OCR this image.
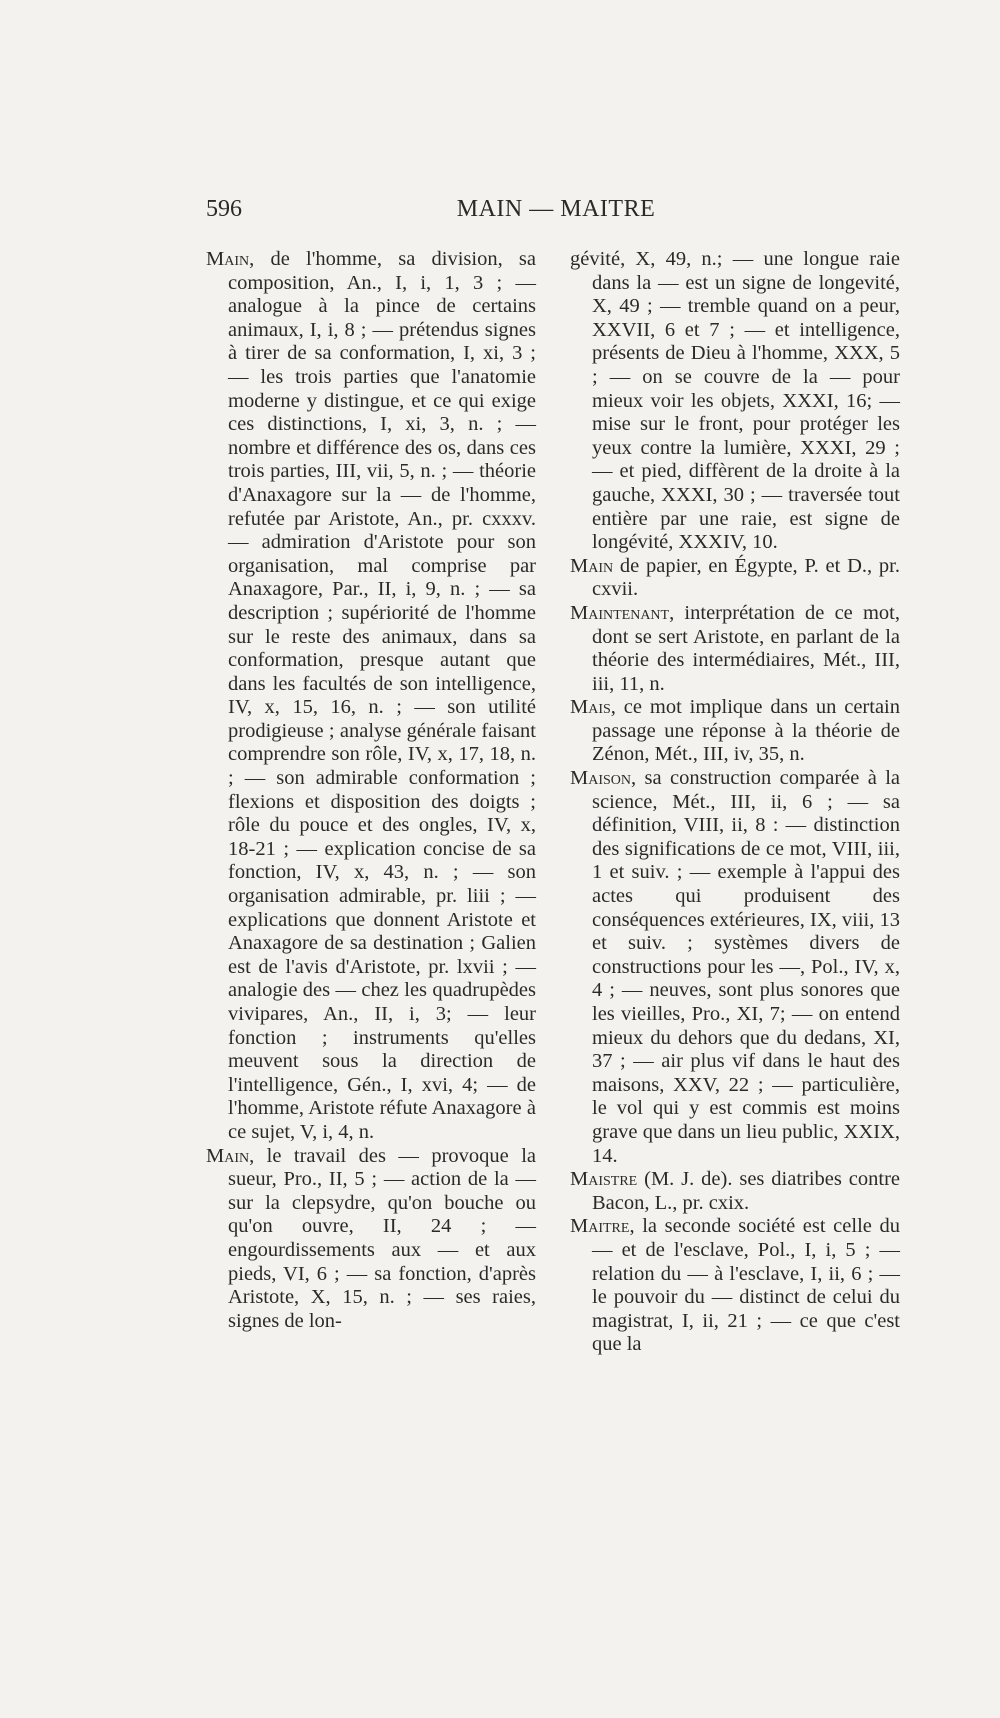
596	MAIN — MAITRE

Main, de l'homme, sa division, sa composition, An., I, i, 1, 3 ; — analogue à la pince de certains animaux, I, i, 8 ; — prétendus signes à tirer de sa conformation, I, xi, 3 ; — les trois parties que l'anatomie moderne y distingue, et ce qui exige ces distinctions, I, xi, 3, n. ; — nombre et différence des os, dans ces trois parties, III, vii, 5, n. ; — théorie d'Anaxagore sur la — de l'homme, refutée par Aristote, An., pr. cxxxv. — admiration d'Aristote pour son organisation, mal comprise par Anaxagore, Par., II, i, 9, n. ; — sa description ; supériorité de l'homme sur le reste des animaux, dans sa conformation, presque autant que dans les facultés de son intelligence, IV, x, 15, 16, n. ; — son utilité prodigieuse ; analyse générale faisant comprendre son rôle, IV, x, 17, 18, n. ; — son admirable conformation ; flexions et disposition des doigts ; rôle du pouce et des ongles, IV, x, 18-21 ; — explication concise de sa fonction, IV, x, 43, n. ; — son organisation admirable, pr. liii ; — explications que donnent Aristote et Anaxagore de sa destination ; Galien est de l'avis d'Aristote, pr. lxvii ; — analogie des — chez les quadrupèdes vivipares, An., II, i, 3; — leur fonction ; instruments qu'elles meuvent sous la direction de l'intelligence, Gén., I, xvi, 4; — de l'homme, Aristote réfute Anaxagore à ce sujet, V, i, 4, n.

Main, le travail des — provoque la sueur, Pro., II, 5 ; — action de la — sur la clepsydre, qu'on bouche ou qu'on ouvre, II, 24 ; — engourdissements aux — et aux pieds, VI, 6 ; — sa fonction, d'après Aristote, X, 15, n. ; — ses raies, signes de lon-

gévité, X, 49, n.; — une longue raie dans la — est un signe de longevité, X, 49 ; — tremble quand on a peur, XXVII, 6 et 7 ; — et intelligence, présents de Dieu à l'homme, XXX, 5 ; — on se couvre de la — pour mieux voir les objets, XXXI, 16; — mise sur le front, pour protéger les yeux contre la lumière, XXXI, 29 ; — et pied, diffèrent de la droite à la gauche, XXXI, 30 ; — traversée tout entière par une raie, est signe de longévité, XXXIV, 10.

Main de papier, en Égypte, P. et D., pr. cxvii.

Maintenant, interprétation de ce mot, dont se sert Aristote, en parlant de la théorie des intermédiaires, Mét., III, iii, 11, n.

Mais, ce mot implique dans un certain passage une réponse à la théorie de Zénon, Mét., III, iv, 35, n.

Maison, sa construction comparée à la science, Mét., III, ii, 6 ; — sa définition, VIII, ii, 8 : — distinction des significations de ce mot, VIII, iii, 1 et suiv. ; — exemple à l'appui des actes qui produisent des conséquences extérieures, IX, viii, 13 et suiv. ; systèmes divers de constructions pour les —, Pol., IV, x, 4 ; — neuves, sont plus sonores que les vieilles, Pro., XI, 7; — on entend mieux du dehors que du dedans, XI, 37 ; — air plus vif dans le haut des maisons, XXV, 22 ; — particulière, le vol qui y est commis est moins grave que dans un lieu public, XXIX, 14.

Maistre (M. J. de). ses diatribes contre Bacon, L., pr. cxix.

Maitre, la seconde société est celle du — et de l'esclave, Pol., I, i, 5 ; — relation du — à l'esclave, I, ii, 6 ; — le pouvoir du — distinct de celui du magistrat, I, ii, 21 ; — ce que c'est que la
